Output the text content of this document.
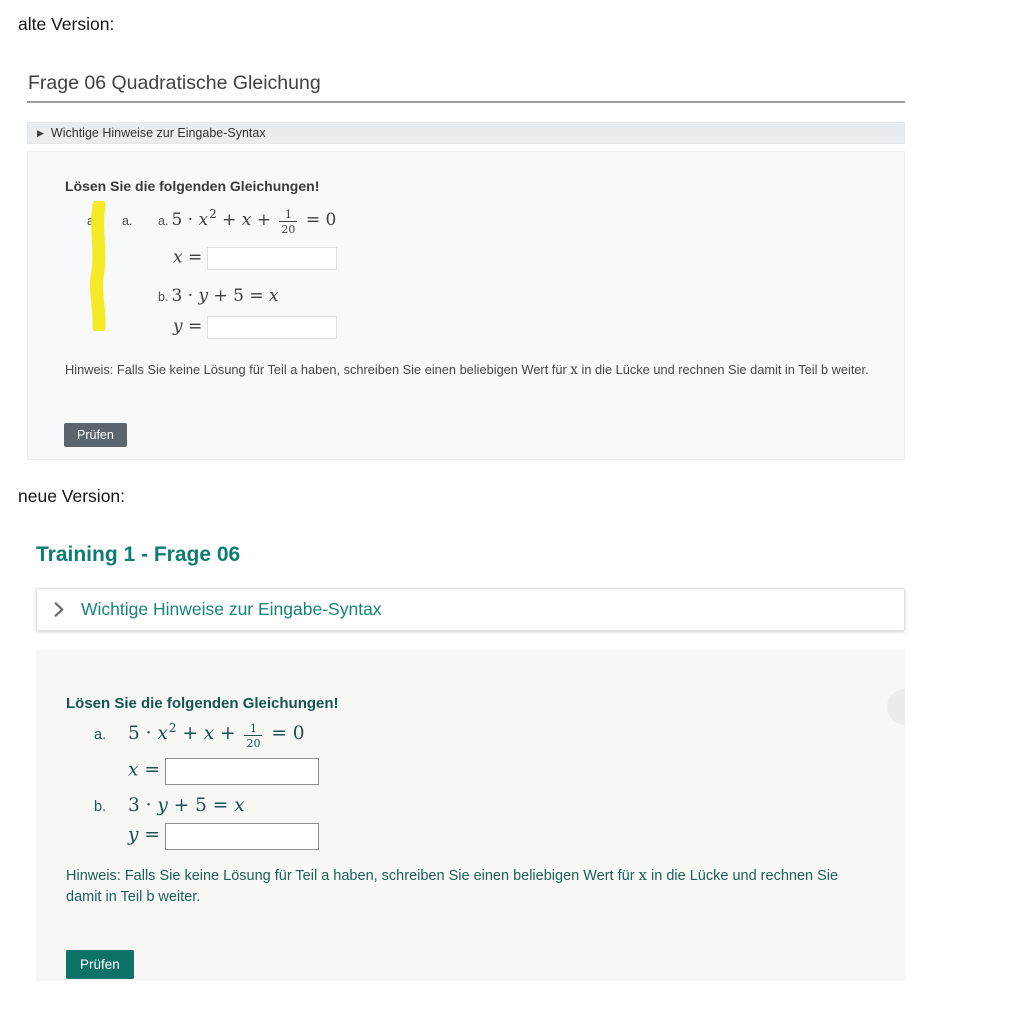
alte Version:
Frage 06 Quadratische Gleichung
▶ Wichtige Hinweise zur Eingabe-Syntax
Lösen Sie die folgenden Gleichungen!
a. a. a. $5 \cdot x^2 + x + \frac{1}{20} = 0$
x =
b. 3 · y + 5 = x
y =
Hinweis: Falls Sie keine Lösung für Teil a haben, schreiben Sie einen beliebigen Wert für x in die Lücke und rechnen Sie damit in Teil b weiter.
Prüfen
neue Version:
Training 1 - Frage 06
Wichtige Hinweise zur Eingabe-Syntax
Lösen Sie die folgenden Gleichungen!
a. $5 \cdot x^2 + x + \frac{1}{20} = 0$
x =
b. 3 · y + 5 = x
y =
Hinweis: Falls Sie keine Lösung für Teil a haben, schreiben Sie einen beliebigen Wert für x in die Lücke und rechnen Sie damit in Teil b weiter.
Prüfen
